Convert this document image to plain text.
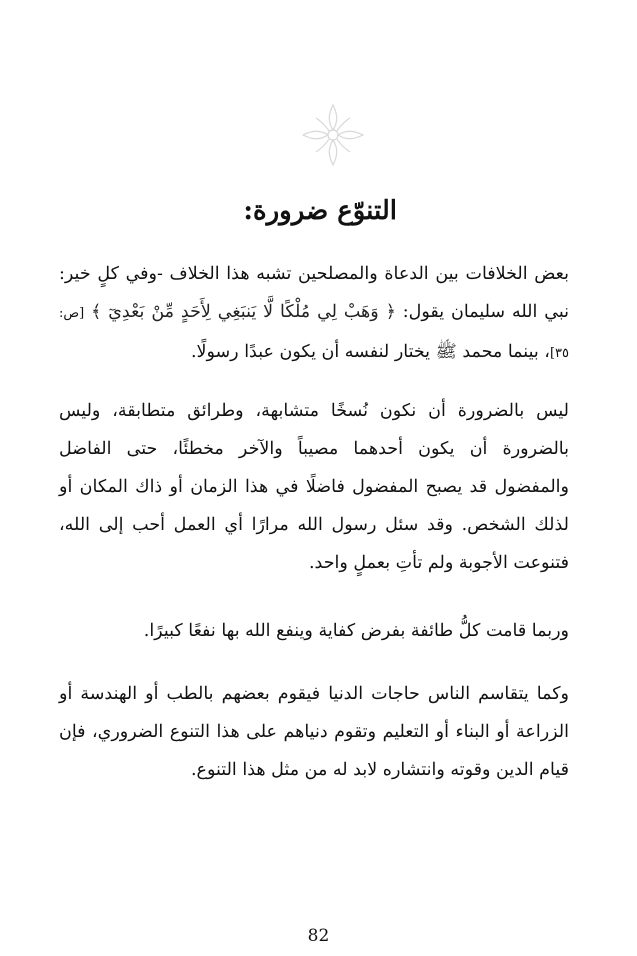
التنوّع ضرورة:
بعض الخلافات بين الدعاة والمصلحين تشبه هذا الخلاف -وفي كلٍ خير: نبي الله سليمان يقول: ﴿ وَهَبْ لِي مُلْكًا لَّا يَنبَغِي لِأَحَدٍ مِّنْ بَعْدِيٓ ﴾ [ص: ٣٥]، بينما محمد ﷺ يختار لنفسه أن يكون عبدًا رسولًا.
ليس بالضرورة أن نكون نُسخًا متشابهة، وطرائق متطابقة، وليس بالضرورة أن يكون أحدهما مصيباً والآخر مخطئًا، حتى الفاضل والمفضول قد يصبح المفضول فاضلًا في هذا الزمان أو ذاك المكان أو لذلك الشخص. وقد سئل رسول الله مرارًا أي العمل أحب إلى الله، فتنوعت الأجوبة ولم تأتِ بعملٍ واحد.
وربما قامت كلُّ طائفة بفرض كفاية وينفع الله بها نفعًا كبيرًا.
وكما يتقاسم الناس حاجات الدنيا فيقوم بعضهم بالطب أو الهندسة أو الزراعة أو البناء أو التعليم وتقوم دنياهم على هذا التنوع الضروري، فإن قيام الدين وقوته وانتشاره لابد له من مثل هذا التنوع.
82
